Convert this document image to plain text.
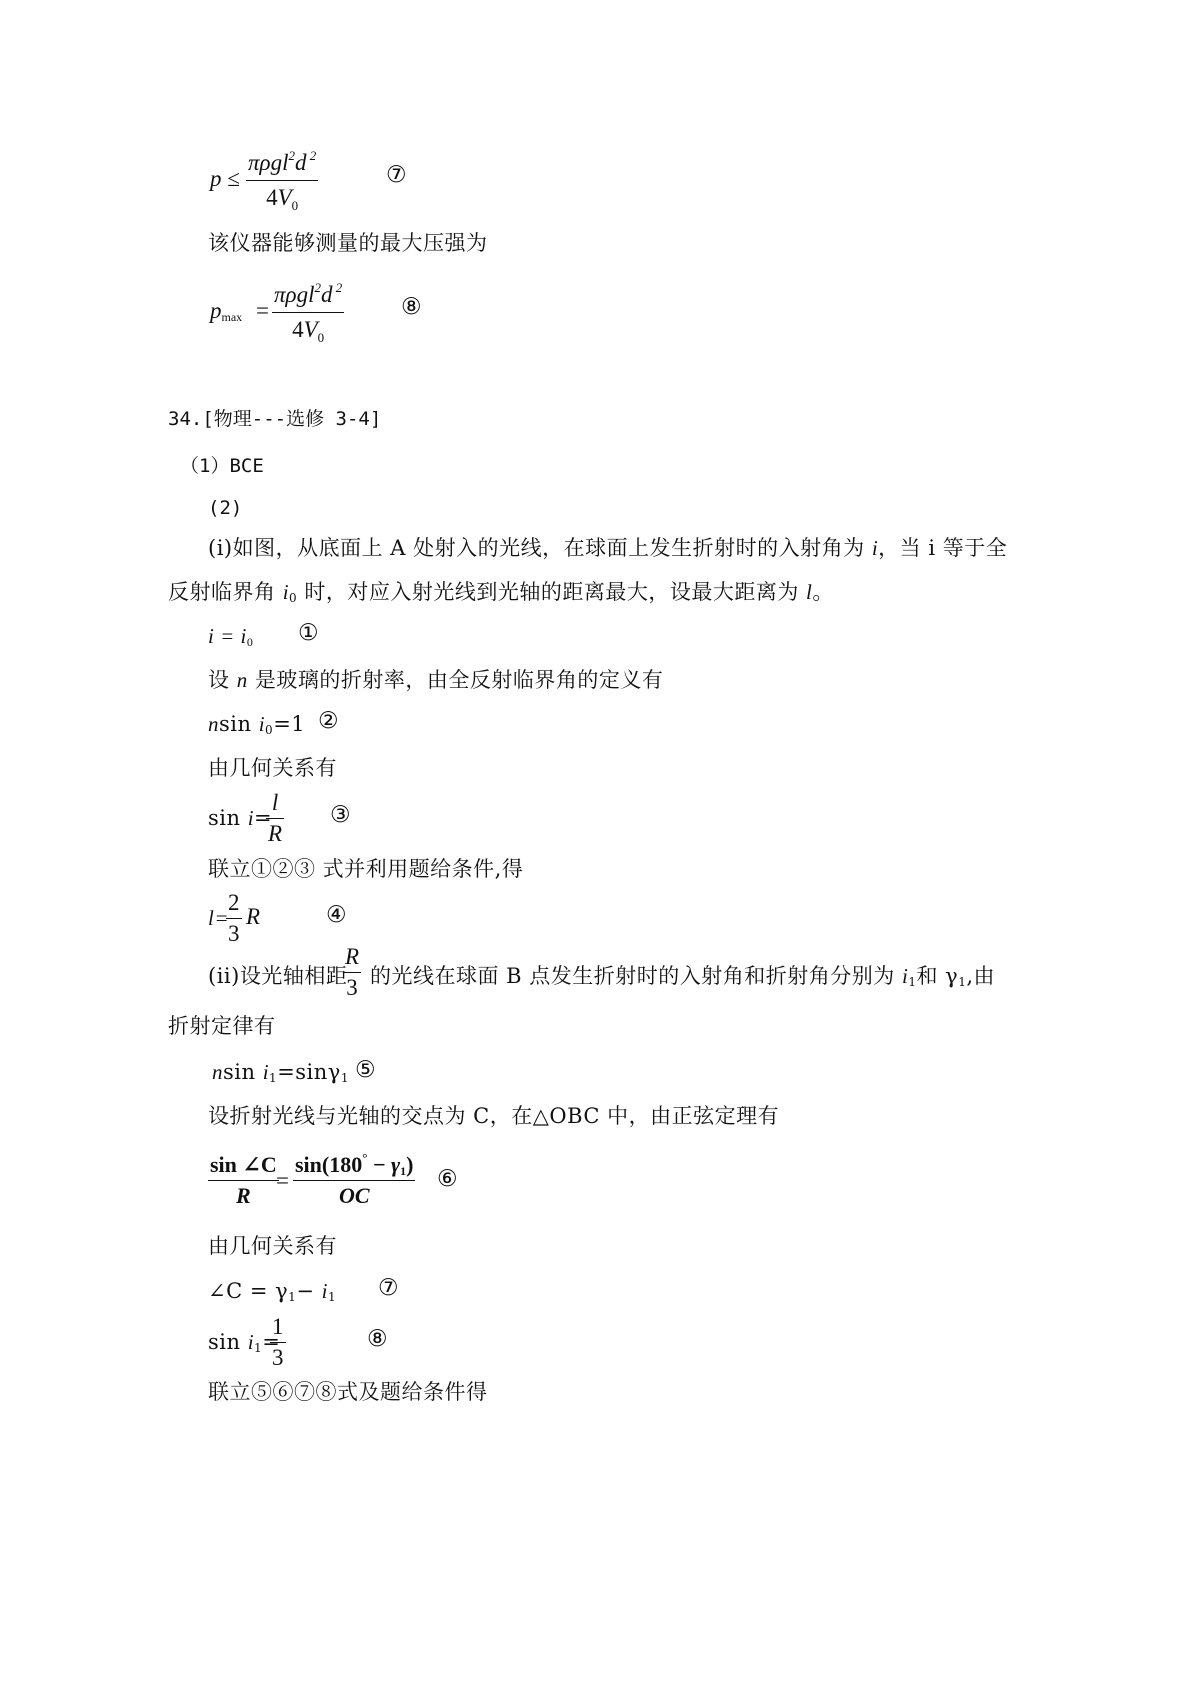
p ≤
πρgl$^2$d $^2$
$4V_0$
⑦
该仪器能够测量的最大压强为
$p_{max}$ =
πρgl$^2$d $^2$
$4V_0$
⑧
34.[物理---选修 3-4]
（1）BCE
(2)
(i)如图，从底面上 A 处射入的光线，在球面上发生折射时的入射角为 i，当 i 等于全
反射临界角 $i_0$ 时，对应入射光线到光轴的距离最大，设最大距离为 l。
$i = i_0$ ①
设 n 是玻璃的折射率，由全反射临界角的定义有
nsin $i_0=1$ ②
由几何关系有
sin i=
l
R
③
联立①②③ 式并利用题给条件,得
l=
2
3
R	④
(ii)设光轴相距
R
3 的光线在球面 B 点发生折射时的入射角和折射角分别为 $i_1$和 $\gamma_1$,由
折射定律有
nsin $i_1=\sin\gamma_1$ ⑤
设折射光线与光轴的交点为 C，在△OBC 中，由正弦定理有
sin ∠C
R
=
$\sin(180^\circ - \gamma_1)$
OC
⑥
由几何关系有
∠C = $\gamma_1- i_1$ ⑦
$\sin i_1=$
1
3
⑧
联立⑤⑥⑦⑧式及题给条件得
